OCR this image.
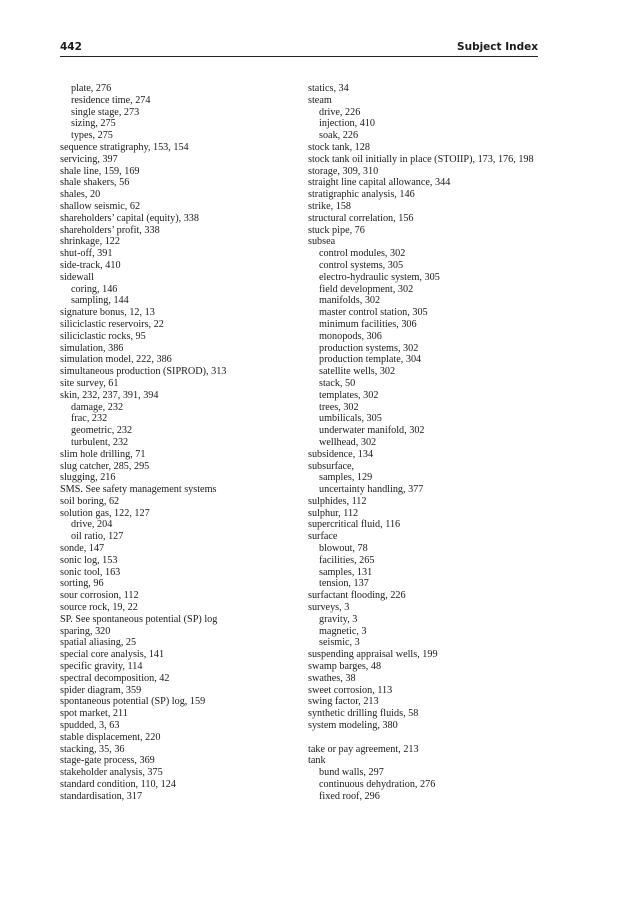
442	Subject Index
plate, 276
residence time, 274
single stage, 273
sizing, 275
types, 275
sequence stratigraphy, 153, 154
servicing, 397
shale line, 159, 169
shale shakers, 56
shales, 20
shallow seismic, 62
shareholders’ capital (equity), 338
shareholders’ profit, 338
shrinkage, 122
shut-off, 391
side-track, 410
sidewall
coring, 146
sampling, 144
signature bonus, 12, 13
siliciclastic reservoirs, 22
siliciclastic rocks, 95
simulation, 386
simulation model, 222, 386
simultaneous production (SIPROD), 313
site survey, 61
skin, 232, 237, 391, 394
damage, 232
frac, 232
geometric, 232
turbulent, 232
slim hole drilling, 71
slug catcher, 285, 295
slugging, 216
SMS. See safety management systems
soil boring, 62
solution gas, 122, 127
drive, 204
oil ratio, 127
sonde, 147
sonic log, 153
sonic tool, 163
sorting, 96
sour corrosion, 112
source rock, 19, 22
SP. See spontaneous potential (SP) log
sparing, 320
spatial aliasing, 25
special core analysis, 141
specific gravity, 114
spectral decomposition, 42
spider diagram, 359
spontaneous potential (SP) log, 159
spot market, 211
spudded, 3, 63
stable displacement, 220
stacking, 35, 36
stage-gate process, 369
stakeholder analysis, 375
standard condition, 110, 124
standardisation, 317
statics, 34
steam
drive, 226
injection, 410
soak, 226
stock tank, 128
stock tank oil initially in place (STOIIP), 173, 176, 198
storage, 309, 310
straight line capital allowance, 344
stratigraphic analysis, 146
strike, 158
structural correlation, 156
stuck pipe, 76
subsea
control modules, 302
control systems, 305
electro-hydraulic system, 305
field development, 302
manifolds, 302
master control station, 305
minimum facilities, 306
monopods, 306
production systems, 302
production template, 304
satellite wells, 302
stack, 50
templates, 302
trees, 302
umbilicals, 305
underwater manifold, 302
wellhead, 302
subsidence, 134
subsurface,
samples, 129
uncertainty handling, 377
sulphides, 112
sulphur, 112
supercritical fluid, 116
surface
blowout, 78
facilities, 265
samples, 131
tension, 137
surfactant flooding, 226
surveys, 3
gravity, 3
magnetic, 3
seismic, 3
suspending appraisal wells, 199
swamp barges, 48
swathes, 38
sweet corrosion, 113
swing factor, 213
synthetic drilling fluids, 58
system modeling, 380
take or pay agreement, 213
tank
bund walls, 297
continuous dehydration, 276
fixed roof, 296
